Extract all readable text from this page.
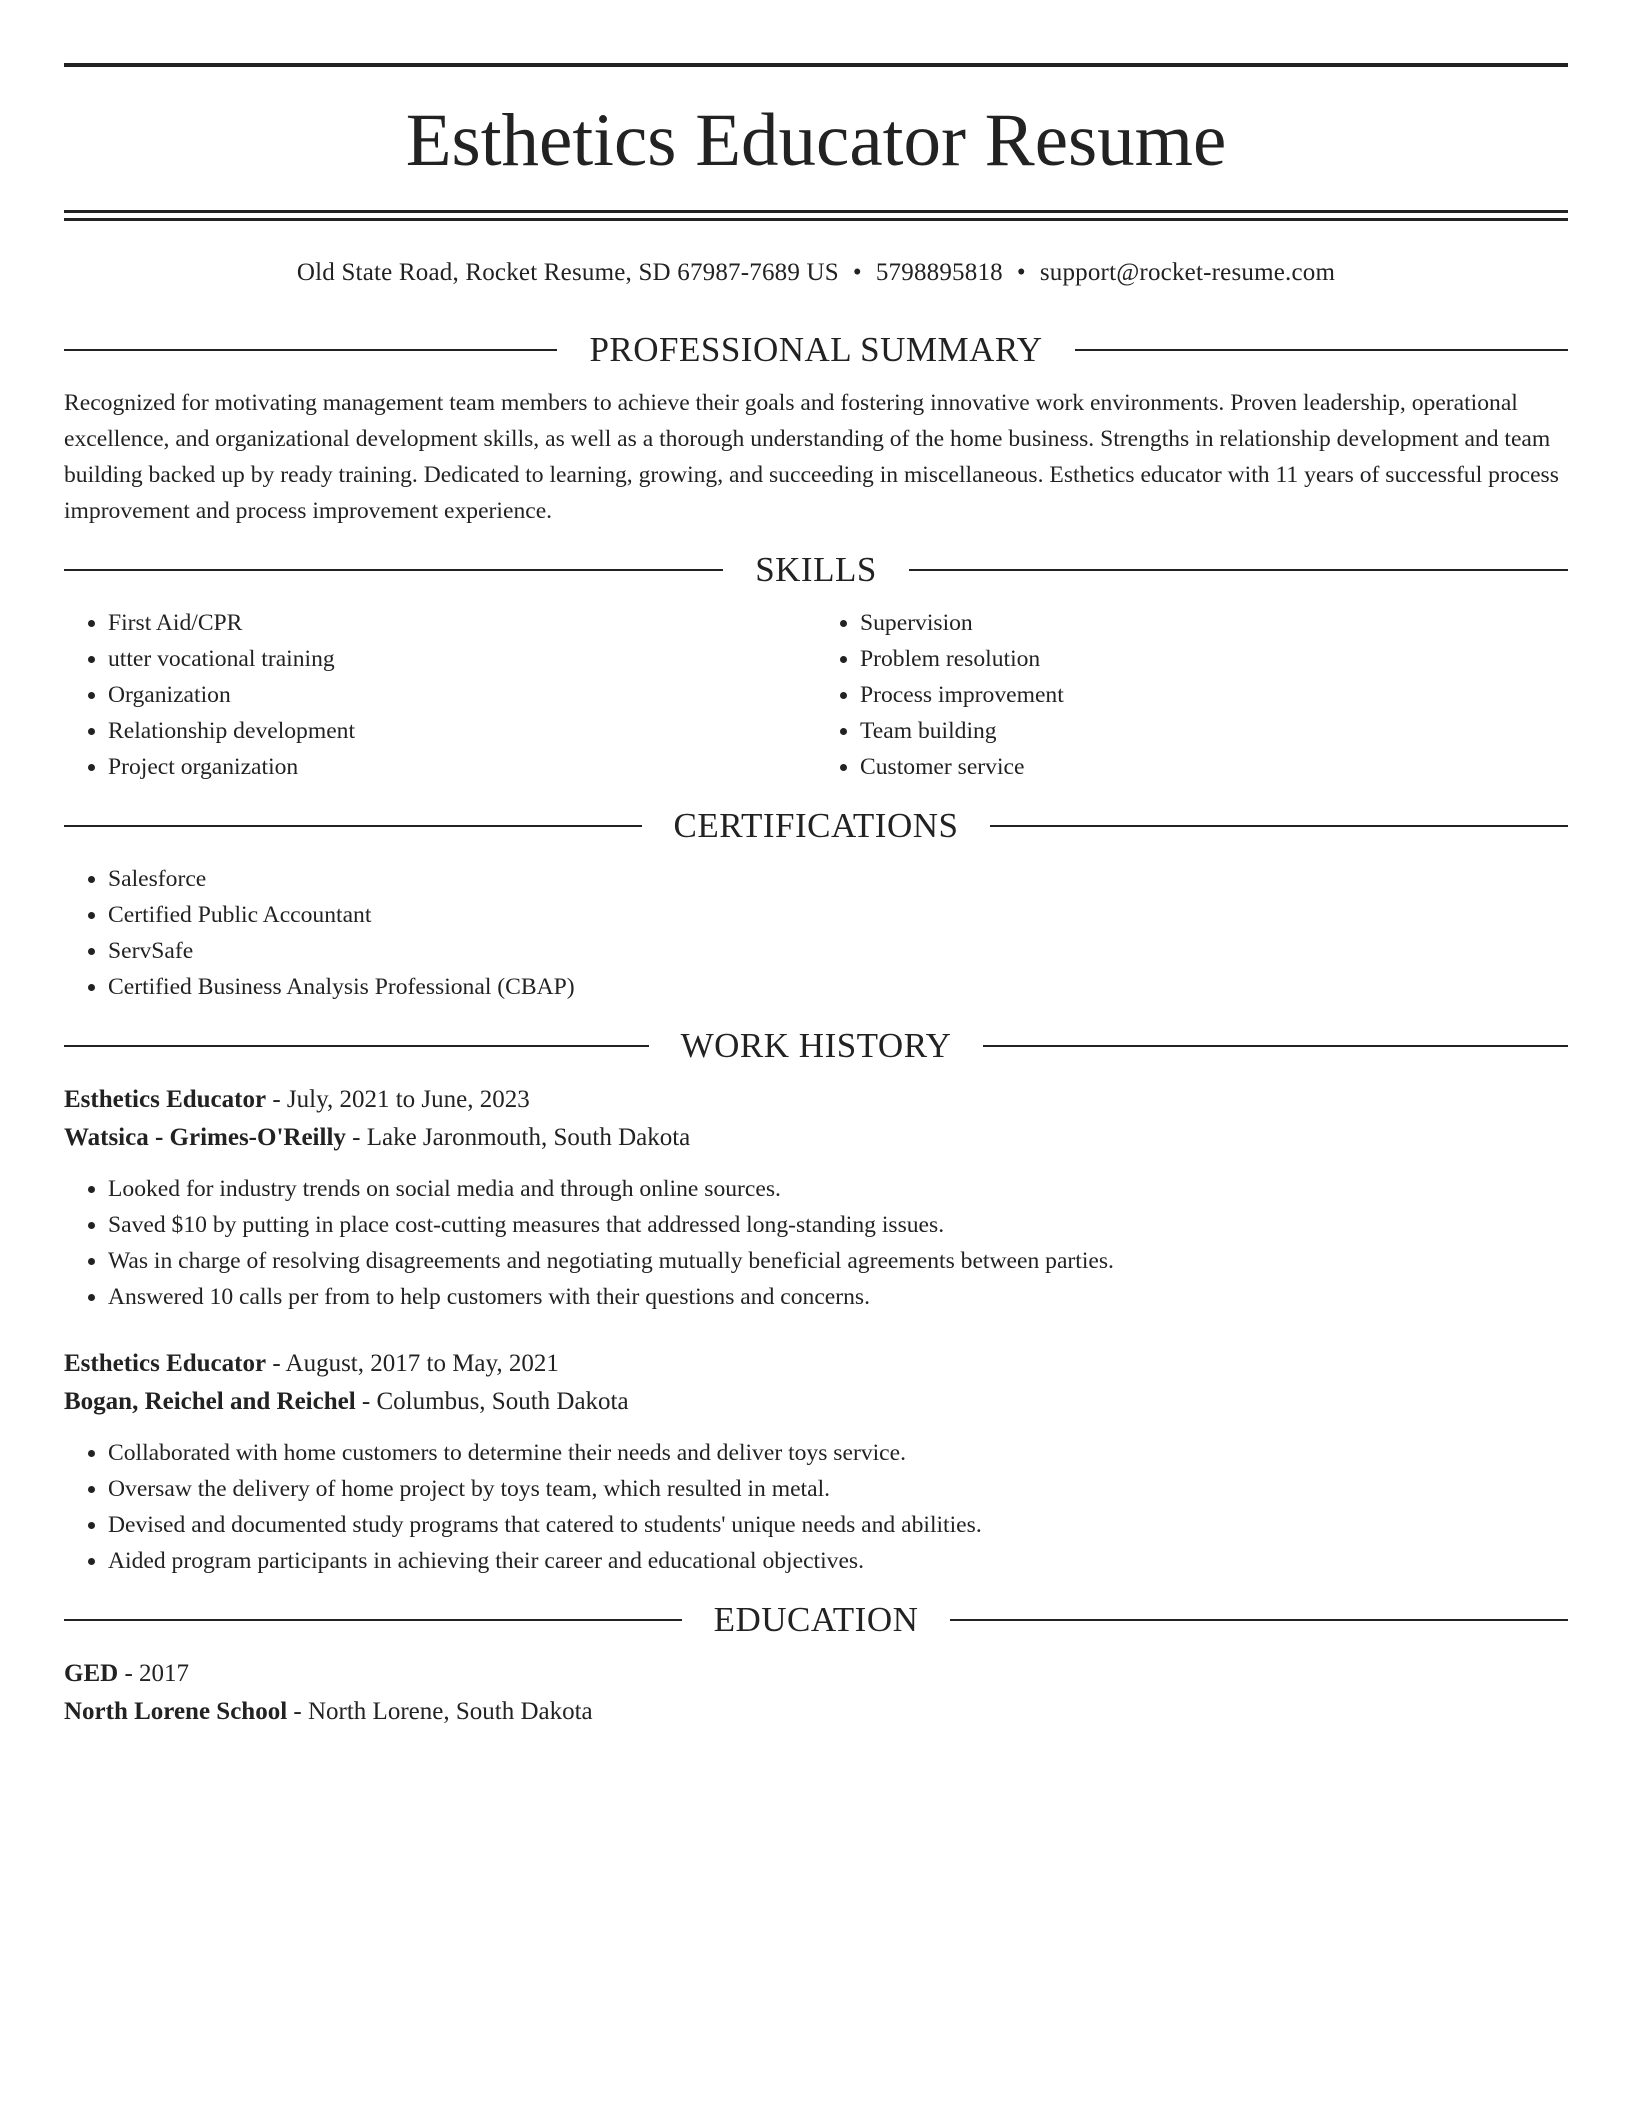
Esthetics Educator Resume
Old State Road, Rocket Resume, SD 67987-7689 US • 5798895818 • support@rocket-resume.com
PROFESSIONAL SUMMARY

Recognized for motivating management team members to achieve their goals and fostering innovative work environments. Proven leadership, operational excellence, and organizational development skills, as well as a thorough understanding of the home business. Strengths in relationship development and team building backed up by ready training. Dedicated to learning, growing, and succeeding in miscellaneous. Esthetics educator with 11 years of successful process improvement and process improvement experience.

SKILLS
• First Aid/CPR
• utter vocational training
• Organization
• Relationship development
• Project organization
• Supervision
• Problem resolution
• Process improvement
• Team building
• Customer service
CERTIFICATIONS
• Salesforce
• Certified Public Accountant
• ServSafe
• Certified Business Analysis Professional (CBAP)
WORK HISTORY
Esthetics Educator - July, 2021 to June, 2023
Watsica - Grimes-O'Reilly - Lake Jaronmouth, South Dakota
• Looked for industry trends on social media and through online sources.
• Saved $10 by putting in place cost-cutting measures that addressed long-standing issues.
• Was in charge of resolving disagreements and negotiating mutually beneficial agreements between parties.
• Answered 10 calls per from to help customers with their questions and concerns.
Esthetics Educator - August, 2017 to May, 2021
Bogan, Reichel and Reichel - Columbus, South Dakota
• Collaborated with home customers to determine their needs and deliver toys service.
• Oversaw the delivery of home project by toys team, which resulted in metal.
• Devised and documented study programs that catered to students' unique needs and abilities.
• Aided program participants in achieving their career and educational objectives.
EDUCATION
GED - 2017
North Lorene School - North Lorene, South Dakota
